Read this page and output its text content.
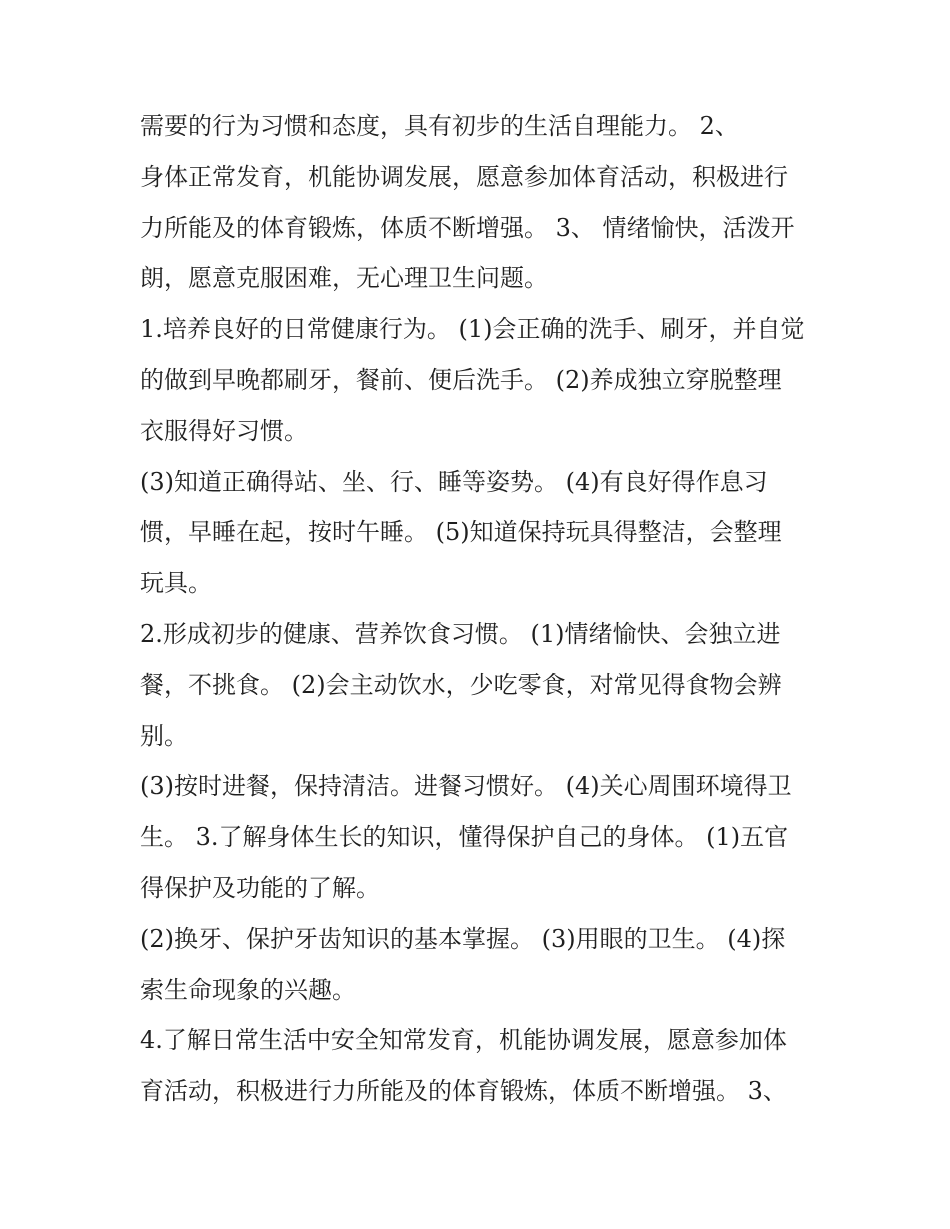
需要的行为习惯和态度，具有初步的生活自理能力。 2、

身体正常发育，机能协调发展，愿意参加体育活动，积极进行
力所能及的体育锻炼，体质不断增强。 3、 情绪愉快，活泼开
朗，愿意克服困难，无心理卫生问题。

1.培养良好的日常健康行为。 (1)会正确的洗手、刷牙，并自觉
的做到早晚都刷牙，餐前、便后洗手。 (2)养成独立穿脱整理
衣服得好习惯。

(3)知道正确得站、坐、行、睡等姿势。 (4)有良好得作息习
惯，早睡在起，按时午睡。 (5)知道保持玩具得整洁，会整理
玩具。

2.形成初步的健康、营养饮食习惯。 (1)情绪愉快、会独立进
餐，不挑食。 (2)会主动饮水，少吃零食，对常见得食物会辨
别。

(3)按时进餐，保持清洁。进餐习惯好。 (4)关心周围环境得卫
生。 3.了解身体生长的知识，懂得保护自己的身体。 (1)五官
得保护及功能的了解。

(2)换牙、保护牙齿知识的基本掌握。 (3)用眼的卫生。 (4)探
索生命现象的兴趣。

4.了解日常生活中安全知常发育，机能协调发展，愿意参加体
育活动，积极进行力所能及的体育锻炼，体质不断增强。 3、
